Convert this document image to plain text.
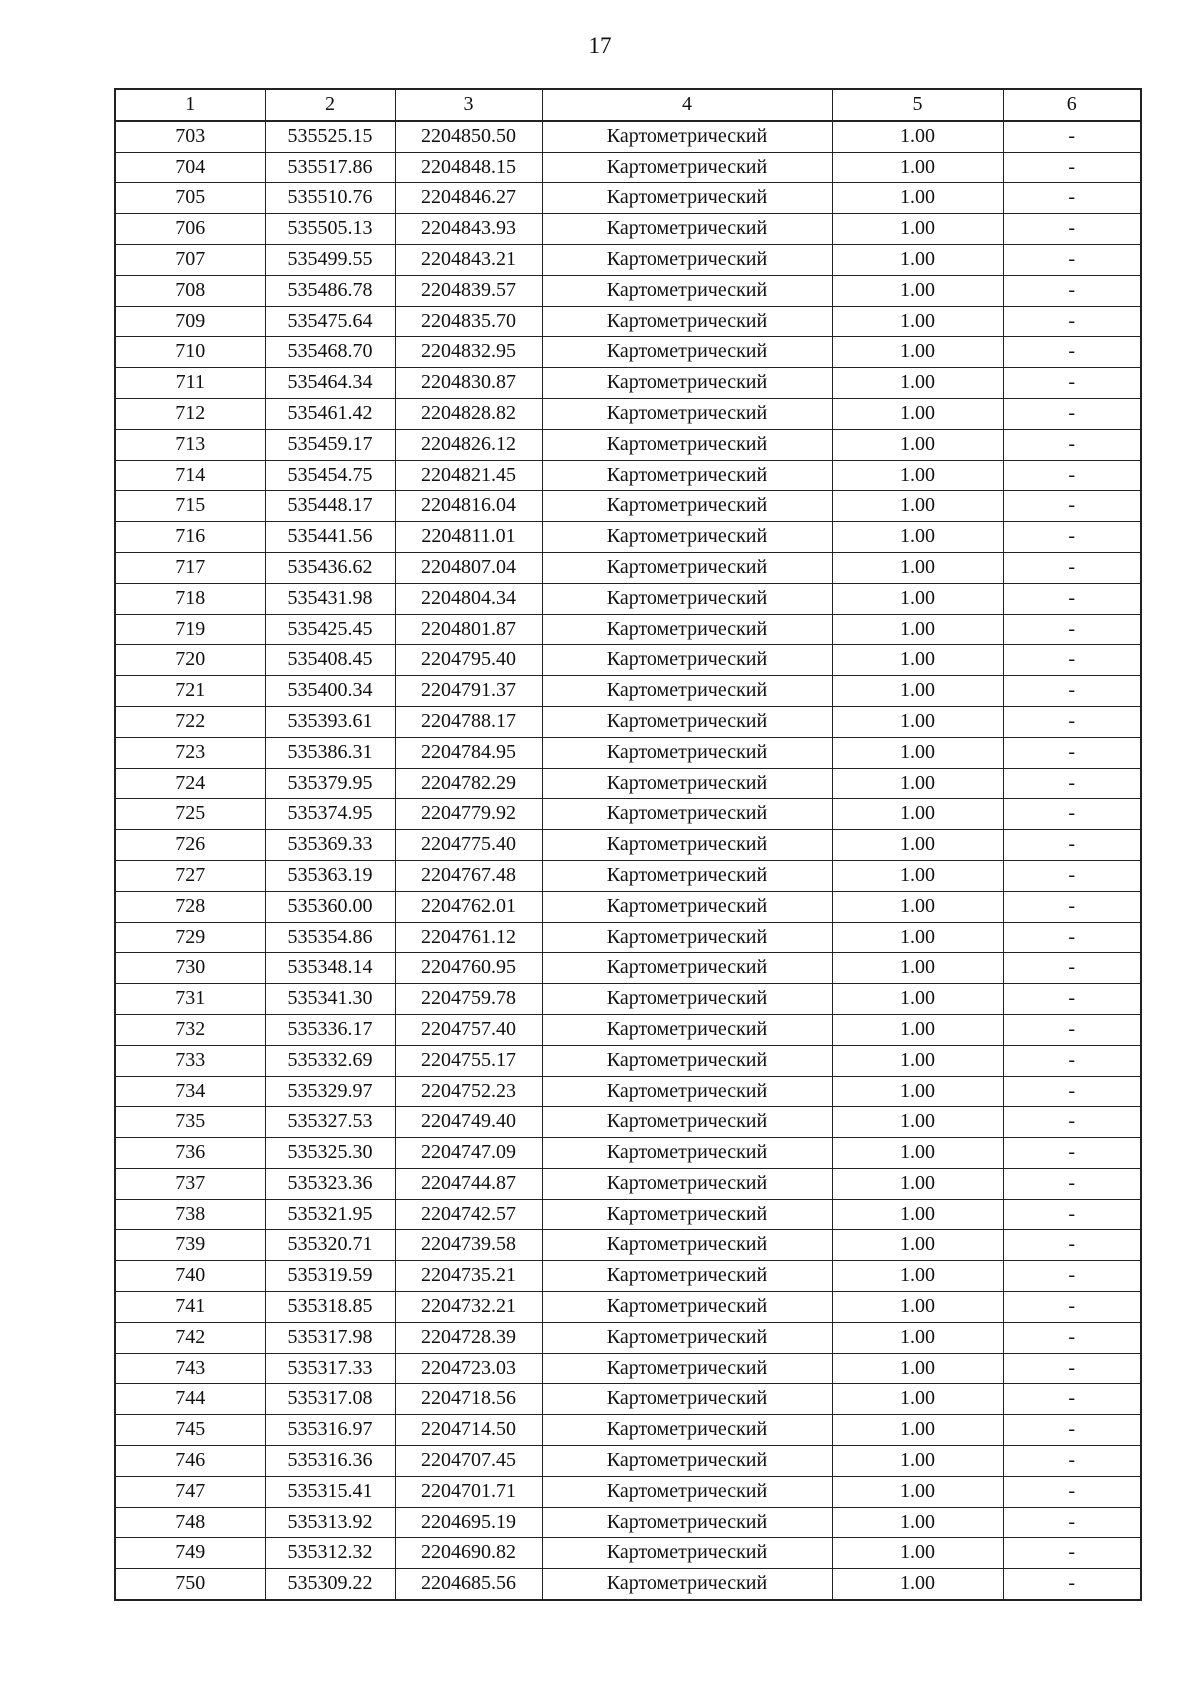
17
1	2	3	4	5	6
703	535525.15	2204850.50	Картометрический	1.00	-
704	535517.86	2204848.15	Картометрический	1.00	-
705	535510.76	2204846.27	Картометрический	1.00	-
706	535505.13	2204843.93	Картометрический	1.00	-
707	535499.55	2204843.21	Картометрический	1.00	-
708	535486.78	2204839.57	Картометрический	1.00	-
709	535475.64	2204835.70	Картометрический	1.00	-
710	535468.70	2204832.95	Картометрический	1.00	-
711	535464.34	2204830.87	Картометрический	1.00	-
712	535461.42	2204828.82	Картометрический	1.00	-
713	535459.17	2204826.12	Картометрический	1.00	-
714	535454.75	2204821.45	Картометрический	1.00	-
715	535448.17	2204816.04	Картометрический	1.00	-
716	535441.56	2204811.01	Картометрический	1.00	-
717	535436.62	2204807.04	Картометрический	1.00	-
718	535431.98	2204804.34	Картометрический	1.00	-
719	535425.45	2204801.87	Картометрический	1.00	-
720	535408.45	2204795.40	Картометрический	1.00	-
721	535400.34	2204791.37	Картометрический	1.00	-
722	535393.61	2204788.17	Картометрический	1.00	-
723	535386.31	2204784.95	Картометрический	1.00	-
724	535379.95	2204782.29	Картометрический	1.00	-
725	535374.95	2204779.92	Картометрический	1.00	-
726	535369.33	2204775.40	Картометрический	1.00	-
727	535363.19	2204767.48	Картометрический	1.00	-
728	535360.00	2204762.01	Картометрический	1.00	-
729	535354.86	2204761.12	Картометрический	1.00	-
730	535348.14	2204760.95	Картометрический	1.00	-
731	535341.30	2204759.78	Картометрический	1.00	-
732	535336.17	2204757.40	Картометрический	1.00	-
733	535332.69	2204755.17	Картометрический	1.00	-
734	535329.97	2204752.23	Картометрический	1.00	-
735	535327.53	2204749.40	Картометрический	1.00	-
736	535325.30	2204747.09	Картометрический	1.00	-
737	535323.36	2204744.87	Картометрический	1.00	-
738	535321.95	2204742.57	Картометрический	1.00	-
739	535320.71	2204739.58	Картометрический	1.00	-
740	535319.59	2204735.21	Картометрический	1.00	-
741	535318.85	2204732.21	Картометрический	1.00	-
742	535317.98	2204728.39	Картометрический	1.00	-
743	535317.33	2204723.03	Картометрический	1.00	-
744	535317.08	2204718.56	Картометрический	1.00	-
745	535316.97	2204714.50	Картометрический	1.00	-
746	535316.36	2204707.45	Картометрический	1.00	-
747	535315.41	2204701.71	Картометрический	1.00	-
748	535313.92	2204695.19	Картометрический	1.00	-
749	535312.32	2204690.82	Картометрический	1.00	-
750	535309.22	2204685.56	Картометрический	1.00	-
